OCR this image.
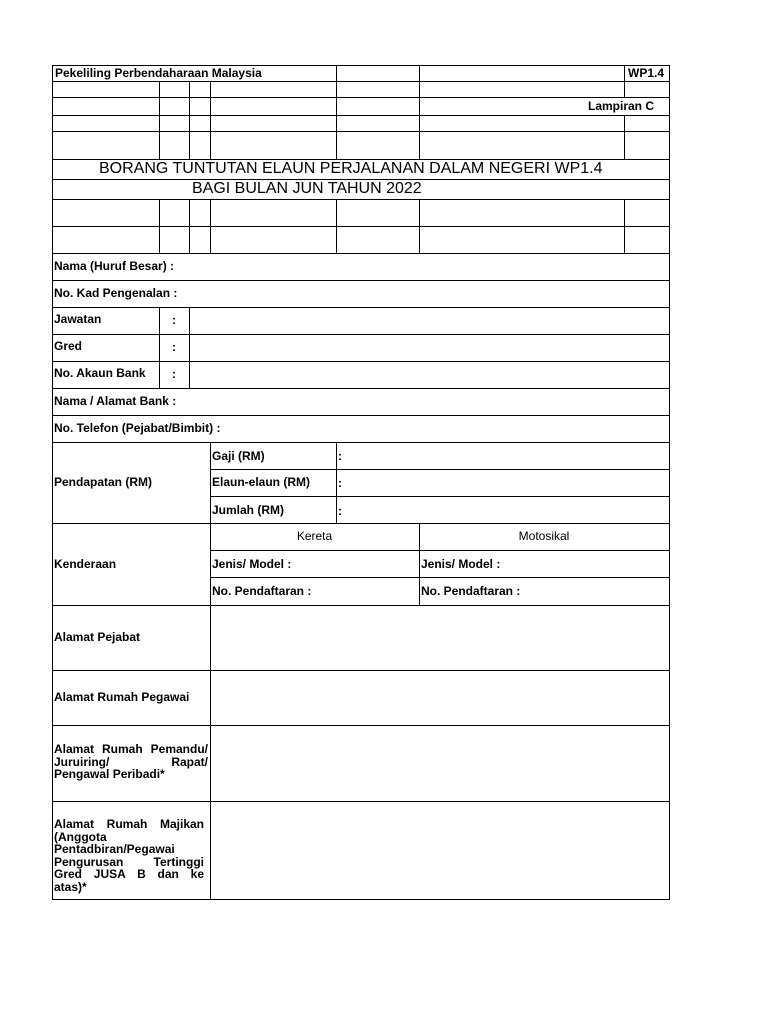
Pekeliling Perbendaharaan Malaysia	WP1.4
Lampiran C
BORANG TUNTUTAN ELAUN PERJALANAN DALAM NEGERI WP1.4
BAGI BULAN JUN TAHUN 2022
Nama (Huruf Besar) :
No. Kad Pengenalan :
Jawatan	:
Gred	:
No. Akaun Bank :
Nama / Alamat Bank :
No. Telefon (Pejabat/Bimbit) :
Pendapatan (RM)
Gaji (RM)	:
Elaun-elaun (RM) :
Jumlah (RM)	:
Kenderaan
Kereta	Motosikal
Jenis/ Model :	Jenis/ Model :
No. Pendaftaran :	No. Pendaftaran :
Alamat Pejabat
Alamat Rumah Pegawai
Alamat Rumah Pemandu/ Juruiring/ Rapat/ Pengawal Peribadi*
Alamat Rumah Majikan (Anggota Pentadbiran/Pegawai Pengurusan Tertinggi Gred JUSA B dan ke atas)*
